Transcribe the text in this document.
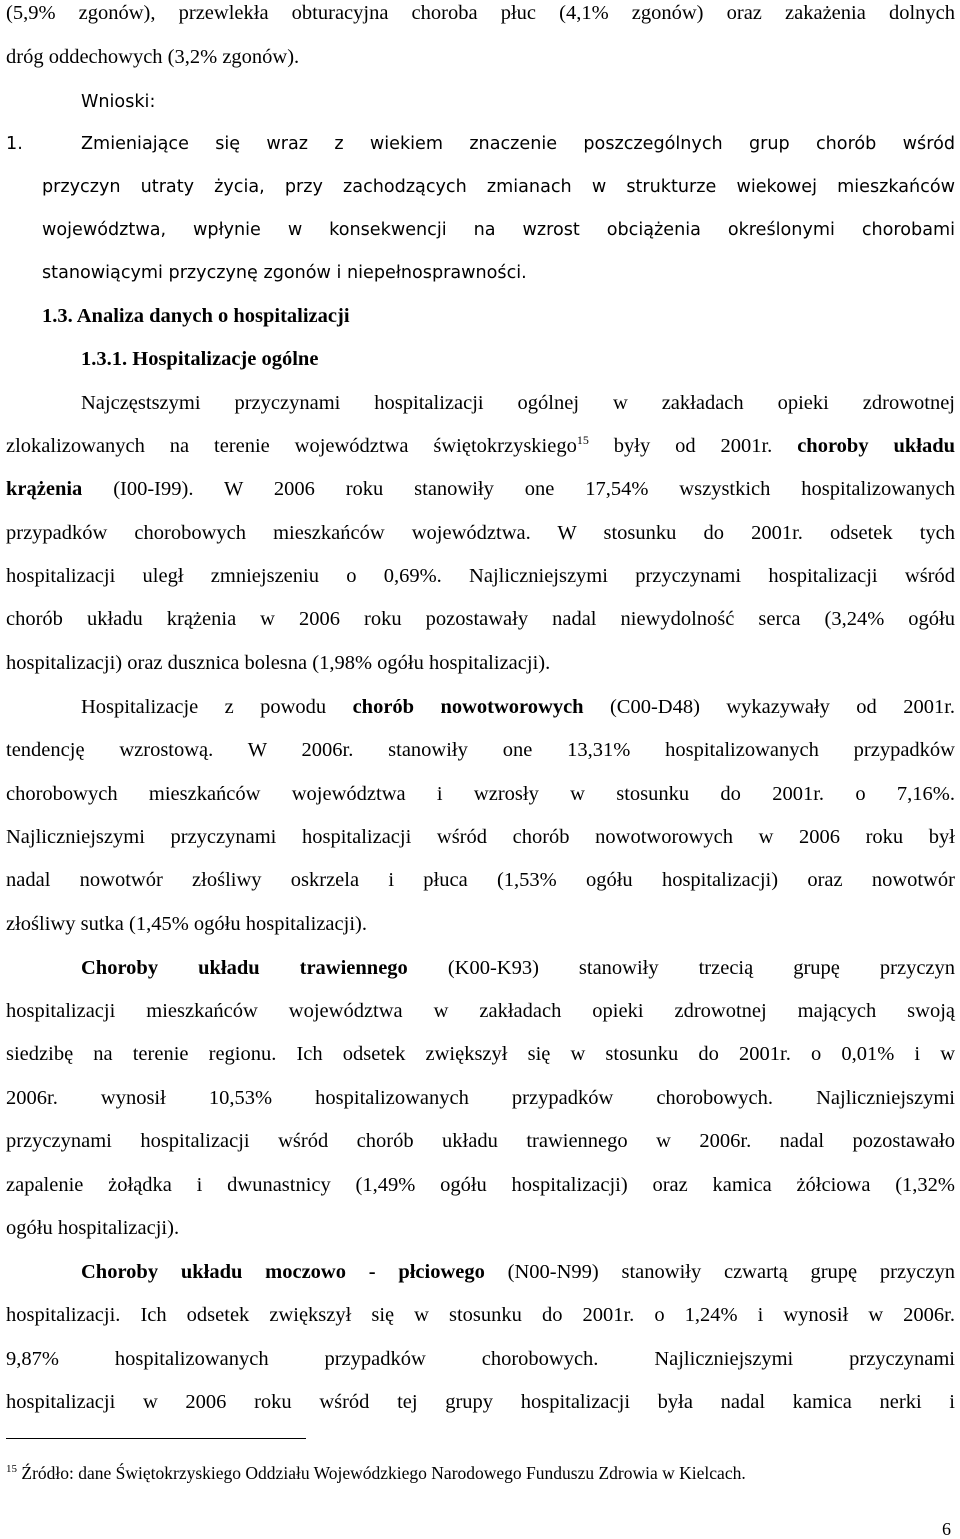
(5,9% zgonów), przewlekła obturacyjna choroba płuc (4,1% zgonów) oraz zakażenia dolnych

dróg oddechowych (3,2% zgonów).

Wnioski:

1.	Zmieniające się wraz z wiekiem znaczenie poszczególnych grup chorób wśród

przyczyn utraty życia, przy zachodzących zmianach w strukturze wiekowej mieszkańców

województwa, wpłynie w konsekwencji na wzrost obciążenia określonymi chorobami

stanowiącymi przyczynę zgonów i niepełnosprawności.

1.3. Analiza danych o hospitalizacji
1.3.1. Hospitalizacje ogólne

Najczęstszymi przyczynami hospitalizacji ogólnej w zakładach opieki zdrowotnej

zlokalizowanych na terenie województwa świętokrzyskiego$^{15}$ były od 2001r. choroby układu

krążenia (I00-I99). W 2006 roku stanowiły one 17,54% wszystkich hospitalizowanych

przypadków chorobowych mieszkańców województwa. W stosunku do 2001r. odsetek tych

hospitalizacji uległ zmniejszeniu o 0,69%. Najliczniejszymi przyczynami hospitalizacji wśród

chorób układu krążenia w 2006 roku pozostawały nadal niewydolność serca (3,24% ogółu

hospitalizacji) oraz dusznica bolesna (1,98% ogółu hospitalizacji).

Hospitalizacje z powodu chorób nowotworowych (C00-D48) wykazywały od 2001r.

tendencję wzrostową. W 2006r. stanowiły one 13,31% hospitalizowanych przypadków

chorobowych mieszkańców województwa i wzrosły w stosunku do 2001r. o 7,16%.

Najliczniejszymi przyczynami hospitalizacji wśród chorób nowotworowych w 2006 roku był

nadal nowotwór złośliwy oskrzela i płuca (1,53% ogółu hospitalizacji) oraz nowotwór

złośliwy sutka (1,45% ogółu hospitalizacji).

Choroby układu trawiennego (K00-K93) stanowiły trzecią grupę przyczyn

hospitalizacji mieszkańców województwa w zakładach opieki zdrowotnej mających swoją

siedzibę na terenie regionu. Ich odsetek zwiększył się w stosunku do 2001r. o 0,01% i w

2006r. wynosił 10,53% hospitalizowanych przypadków chorobowych. Najliczniejszymi

przyczynami hospitalizacji wśród chorób układu trawiennego w 2006r. nadal pozostawało

zapalenie żołądka i dwunastnicy (1,49% ogółu hospitalizacji) oraz kamica żółciowa (1,32%

ogółu hospitalizacji).

Choroby układu moczowo - płciowego (N00-N99) stanowiły czwartą grupę przyczyn

hospitalizacji. Ich odsetek zwiększył się w stosunku do 2001r. o 1,24% i wynosił w 2006r.

9,87% hospitalizowanych przypadków chorobowych. Najliczniejszymi przyczynami

hospitalizacji w 2006 roku wśród tej grupy hospitalizacji była nadal kamica nerki i

$^{15}$ Źródło: dane Świętokrzyskiego Oddziału Wojewódzkiego Narodowego Funduszu Zdrowia w Kielcach.

6
